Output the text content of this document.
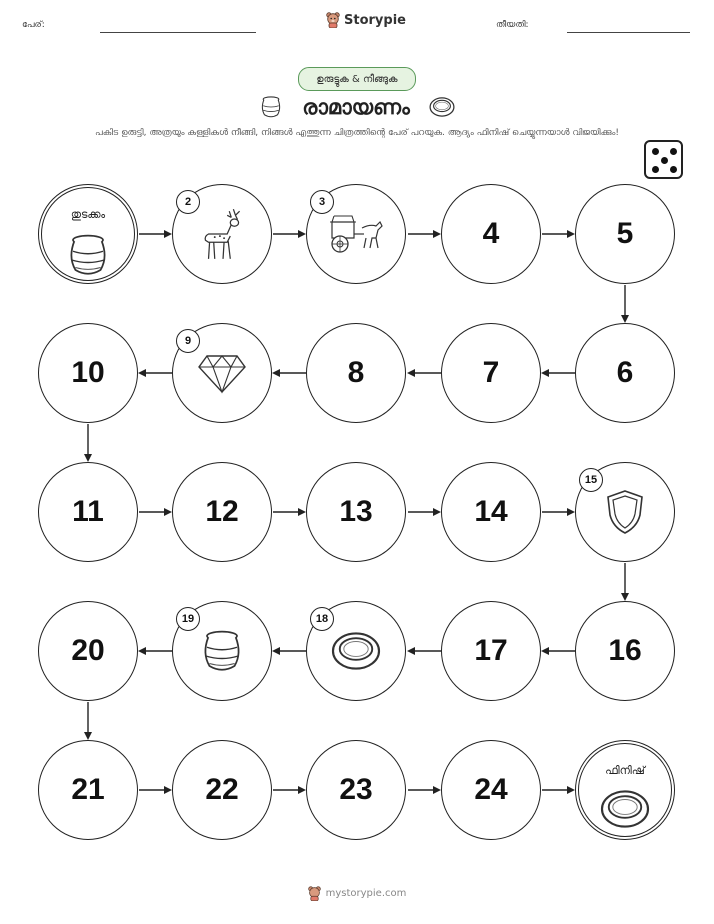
പേര്:	Storypie	തീയതി:
ഉരുട്ടുക & നീങ്ങുക
രാമായണം
പകിട ഉരുട്ടി, അത്രയും കള്ളികൾ നീങ്ങി, നിങ്ങൾ എത്തുന്ന ചിത്രത്തിന്റെ പേര് പറയുക. ആദ്യം ഫിനിഷ് ചെയ്യുന്നയാൾ വിജയിക്കും!
തുടക്കം
2	3
4	5
6
7
8
9
10
11	12	13	14
15
16
17
18
19
20
21	22	23	24
ഫിനിഷ്
mystorypie.com
